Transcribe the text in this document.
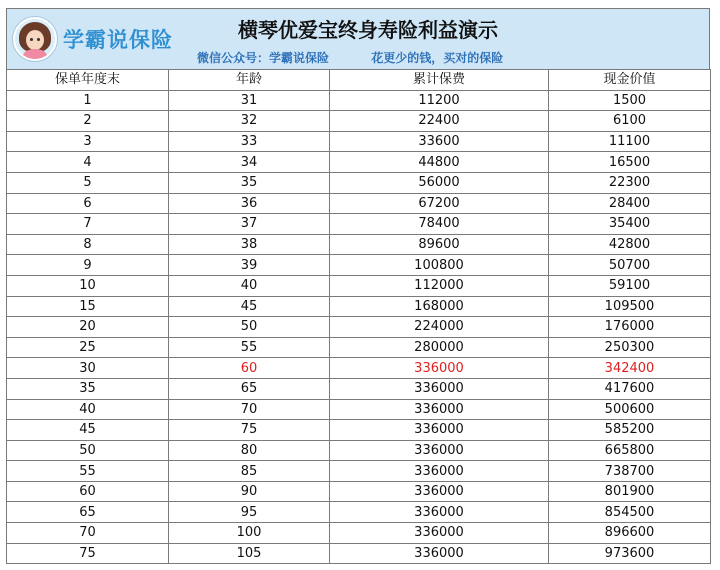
学霸说保险	横琴优爱宝终身寿险利益演示
微信公众号：学霸说保险	花更少的钱，买对的保险
保单年度末	年龄	累计保费	现金价值
1	31	11200	1500
2	32	22400	6100
3	33	33600	11100
4	34	44800	16500
5	35	56000	22300
6	36	67200	28400
7	37	78400	35400
8	38	89600	42800
9	39	100800	50700
10	40	112000	59100
15	45	168000	109500
20	50	224000	176000
25	55	280000	250300
30	60	336000	342400
35	65	336000	417600
40	70	336000	500600
45	75	336000	585200
50	80	336000	665800
55	85	336000	738700
60	90	336000	801900
65	95	336000	854500
70	100	336000	896600
75	105	336000	973600
